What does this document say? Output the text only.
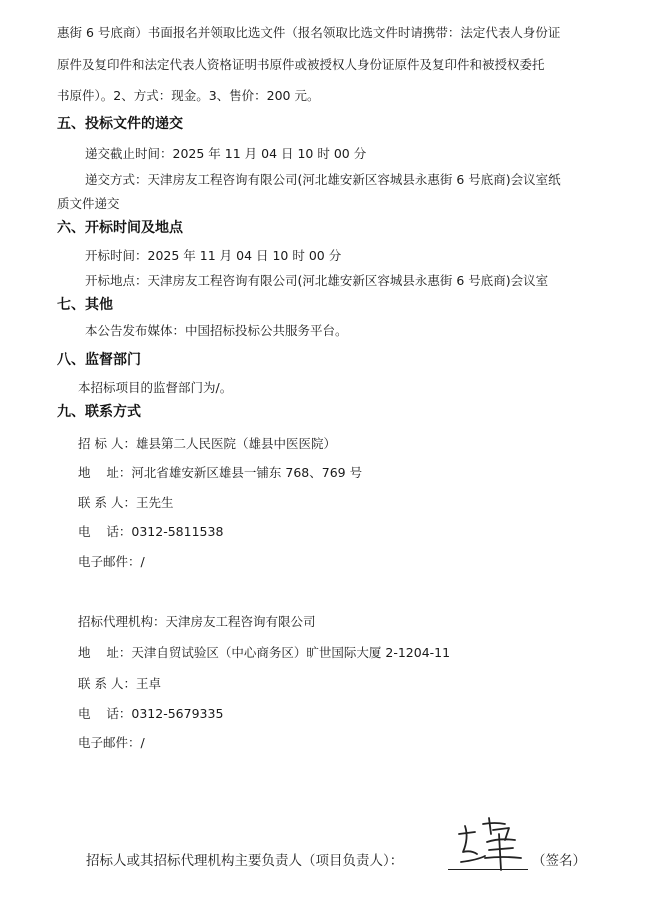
惠街 6 号底商）书面报名并领取比选文件（报名领取比选文件时请携带：法定代表人身份证
原件及复印件和法定代表人资格证明书原件或被授权人身份证原件及复印件和被授权委托
书原件）。2、方式：现金。3、售价：200 元。
五、投标文件的递交
递交截止时间：2025 年 11 月 04 日 10 时 00 分
递交方式：天津房友工程咨询有限公司(河北雄安新区容城县永惠街 6 号底商)会议室纸
质文件递交
六、开标时间及地点
开标时间：2025 年 11 月 04 日 10 时 00 分
开标地点：天津房友工程咨询有限公司(河北雄安新区容城县永惠街 6 号底商)会议室
七、其他
本公告发布媒体：中国招标投标公共服务平台。
八、监督部门
本招标项目的监督部门为/。
九、联系方式
招 标 人：雄县第二人民医院（雄县中医医院）
地    址：河北省雄安新区雄县一铺东 768、769 号
联 系 人：王先生
电    话：0312-5811538
电子邮件：/
招标代理机构：天津房友工程咨询有限公司
地    址：天津自贸试验区（中心商务区）旷世国际大厦 2-1204-11
联 系 人：王卓
电    话：0312-5679335
电子邮件：/
招标人或其招标代理机构主要负责人（项目负责人）：	（签名）
